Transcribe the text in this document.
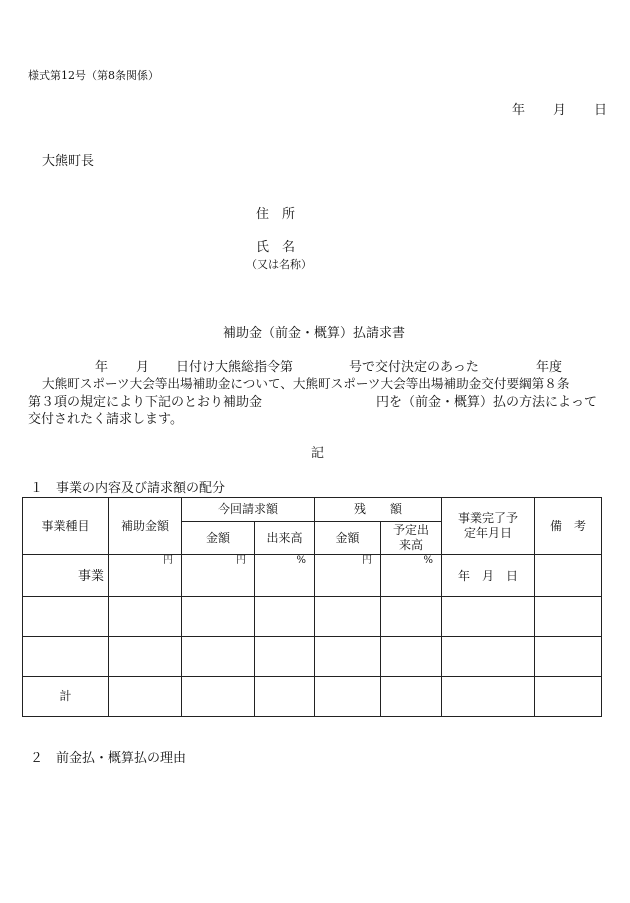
様式第12号（第8条関係）
年 月 日
大熊町長
住　所
氏　名
（又は名称）
補助金（前金・概算）払請求書
年 月 日付け大熊総指令第	号で交付決定のあった	年度
大熊町スポーツ大会等出場補助金について、大熊町スポーツ大会等出場補助金交付要綱第８条
第３項の規定により下記のとおり補助金	円を（前金・概算）払の方法によって
交付されたく請求します。
記
１　事業の内容及び請求額の配分
事業種目	補助金額	今回請求額		残　　額		事業完了予定年月日	備　考
		金額	出来高	金額	予定出来高		

事業	円	円	%	円	%	年　月　日	

計							
２　前金払・概算払の理由
